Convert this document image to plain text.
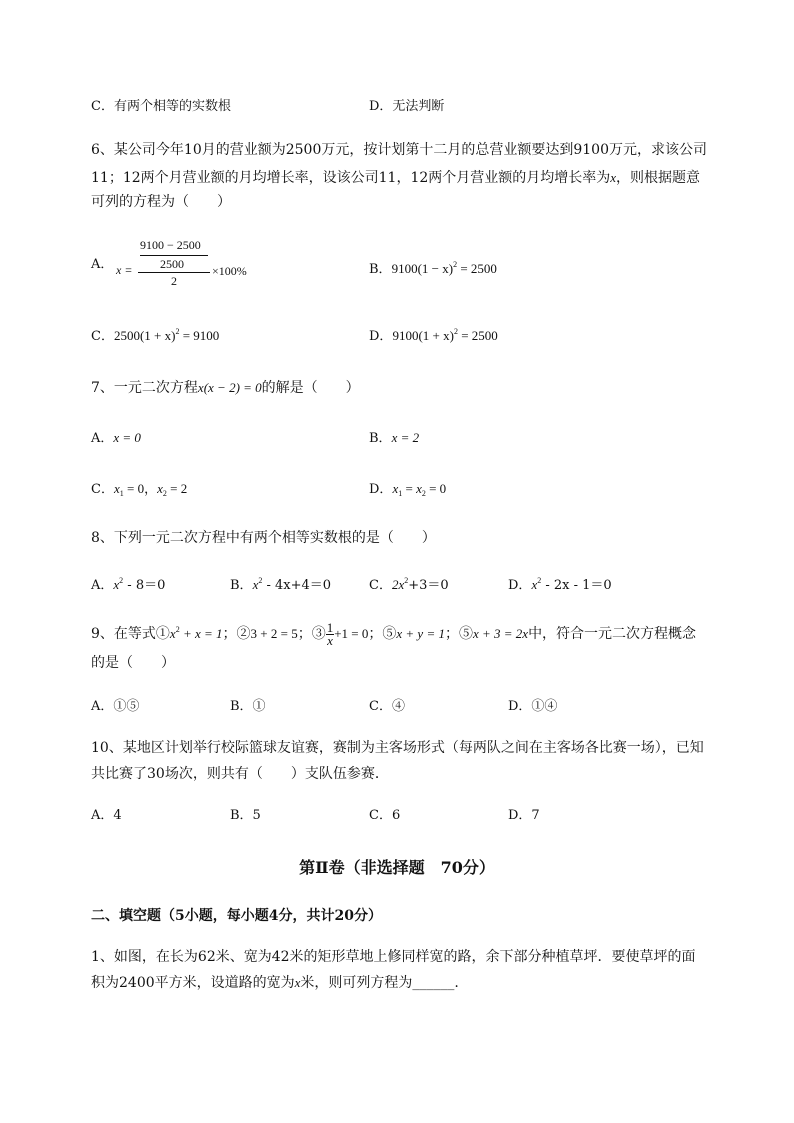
C．有两个相等的实数根	D．无法判断
6、某公司今年10月的营业额为2500万元，按计划第十二月的总营业额要达到9100万元，求该公司
11；12两个月营业额的月均增长率，设该公司11，12两个月营业额的月均增长率为x，则根据题意
可列的方程为（　　）
A． x =
9100 − 2500
2500
2
×100%	B．$9100(1 - x)^2 = 2500$
C．$2500(1 + x)^2 = 9100$	D．$9100(1 + x)^2 = 2500$
7、一元二次方程x(x − 2) = 0的解是（　　）
A．x = 0	B．x = 2
C．$x_1 = 0$，$x_2 = 2$	D．$x_1 = x_2 = 0$
8、下列一元二次方程中有两个相等实数根的是（　　）
A．$x^2 - 8=0$	B．$x^2 - 4x+4=0$	C．$2x^2+3=0$	D．$x^2 - 2x - 1=0$
9、在等式$①x^2 + x = 1$；②3 + 2 = 5；③ $\frac{1}{x} +1 = 0$；⑤x + y = 1；⑤x + 3 = 2x中，符合一元二次方程概念
的是（　　）
A．①⑤	B．①	C．④	D．①④
10、某地区计划举行校际篮球友谊赛，赛制为主客场形式（每两队之间在主客场各比赛一场），已知
共比赛了30场次，则共有（　　）支队伍参赛．
A．4	B．5	C．6	D．7
第Ⅱ卷（非选择题　70分）
二、填空题（5小题，每小题4分，共计20分）
1、如图，在长为62米、宽为42米的矩形草地上修同样宽的路，余下部分种植草坪．要使草坪的面
积为2400平方米，设道路的宽为x米，则可列方程为______.
